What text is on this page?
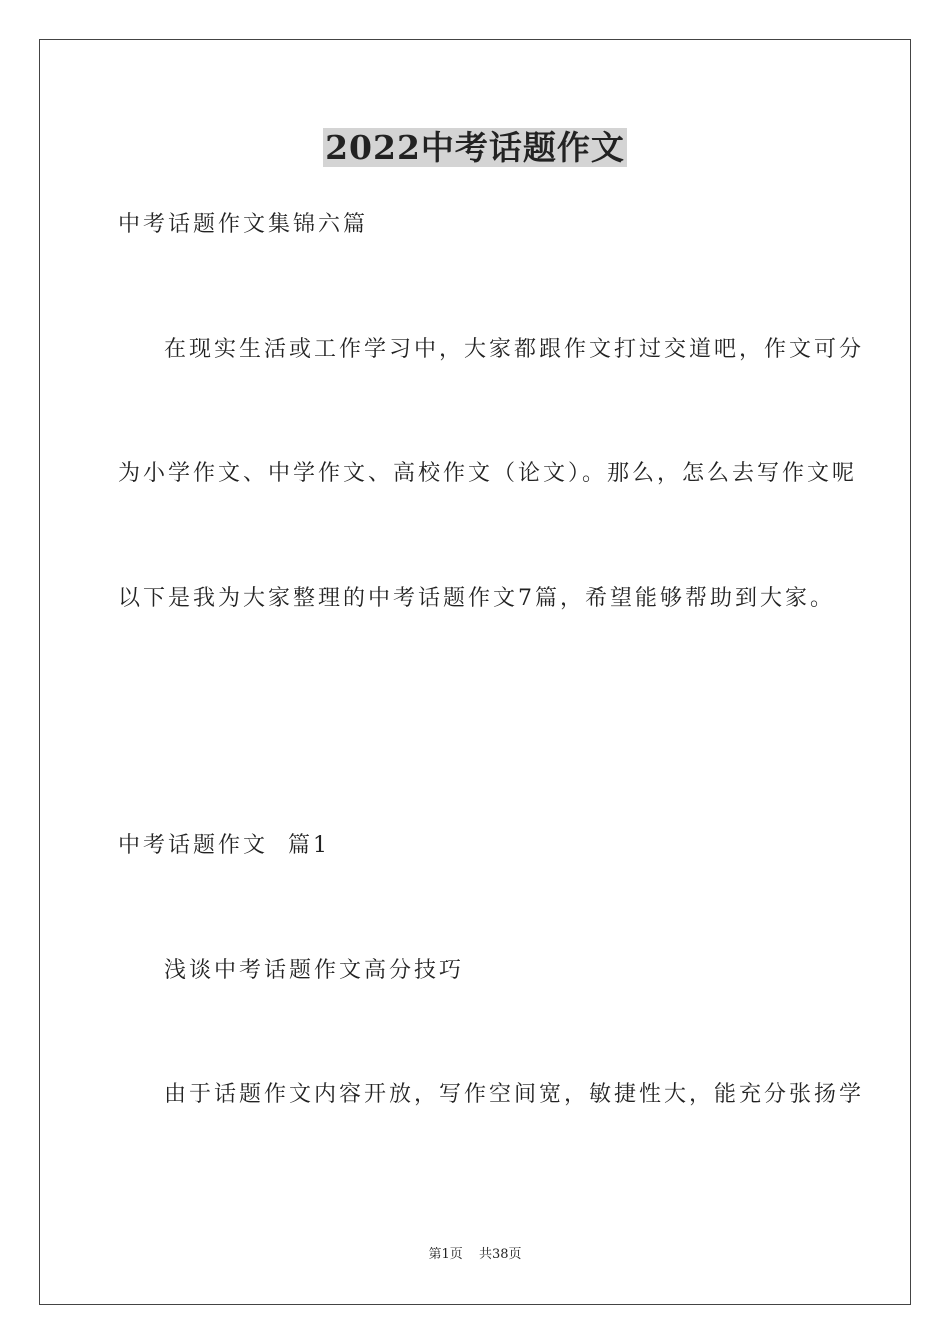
2022中考话题作文
中考话题作文集锦六篇
在现实生活或工作学习中，大家都跟作文打过交道吧，作文可分
为小学作文、中学作文、高校作文（论文）。那么，怎么去写作文呢
以下是我为大家整理的中考话题作文7篇，希望能够帮助到大家。
中考话题作文  篇1
浅谈中考话题作文高分技巧
由于话题作文内容开放，写作空间宽，敏捷性大，能充分张扬学
第1页 共38页
